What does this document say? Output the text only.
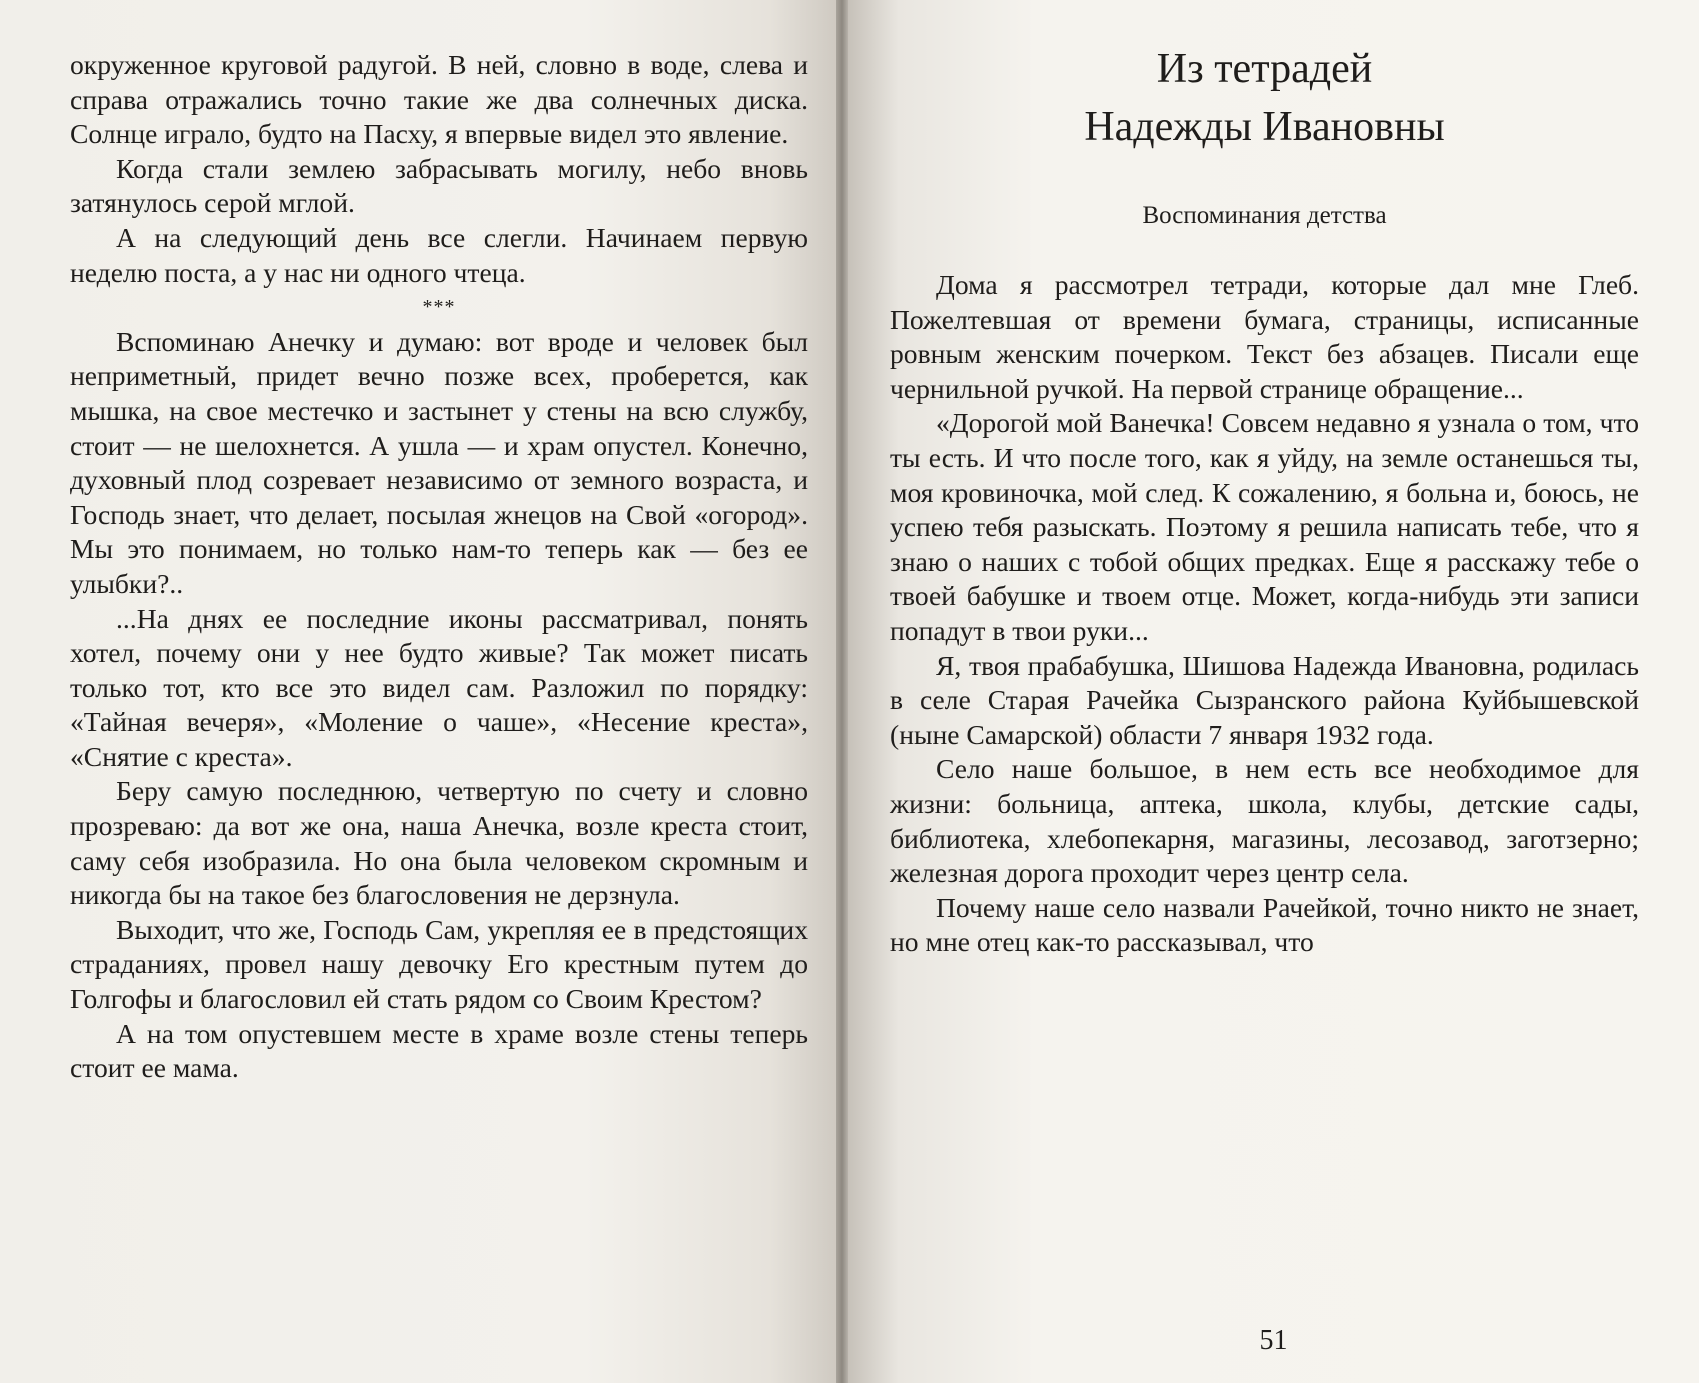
окруженное круговой радугой. В ней, словно в воде, слева и справа отражались точно такие же два солнечных диска. Солнце играло, будто на Пасху, я впервые видел это явление.

Когда стали землею забрасывать могилу, небо вновь затянулось серой мглой.

А на следующий день все слегли. Начинаем первую неделю поста, а у нас ни одного чтеца.

***

Вспоминаю Анечку и думаю: вот вроде и человек был неприметный, придет вечно позже всех, проберется, как мышка, на свое местечко и застынет у стены на всю службу, стоит — не шелохнется. А ушла — и храм опустел. Конечно, духовный плод созревает независимо от земного возраста, и Господь знает, что делает, посылая жнецов на Свой «огород». Мы это понимаем, но только нам-то теперь как — без ее улыбки?..

...На днях ее последние иконы рассматривал, понять хотел, почему они у нее будто живые? Так может писать только тот, кто все это видел сам. Разложил по порядку: «Тайная вечеря», «Моление о чаше», «Несение креста», «Снятие с креста».

Беру самую последнюю, четвертую по счету и словно прозреваю: да вот же она, наша Анечка, возле креста стоит, саму себя изобразила. Но она была человеком скромным и никогда бы на такое без благословения не дерзнула.

Выходит, что же, Господь Сам, укрепляя ее в предстоящих страданиях, провел нашу девочку Его крестным путем до Голгофы и благословил ей стать рядом со Своим Крестом?

А на том опустевшем месте в храме возле стены теперь стоит ее мама.

Из тетрадей
Надежды Ивановны
Воспоминания детства

Дома я рассмотрел тетради, которые дал мне Глеб. Пожелтевшая от времени бумага, страницы, исписанные ровным женским почерком. Текст без абзацев. Писали еще чернильной ручкой. На первой странице обращение...

«Дорогой мой Ванечка! Совсем недавно я узнала о том, что ты есть. И что после того, как я уйду, на земле останешься ты, моя кровиночка, мой след. К сожалению, я больна и, боюсь, не успею тебя разыскать. Поэтому я решила написать тебе, что я знаю о наших с тобой общих предках. Еще я расскажу тебе о твоей бабушке и твоем отце. Может, когда-нибудь эти записи попадут в твои руки...

Я, твоя прабабушка, Шишова Надежда Ивановна, родилась в селе Старая Рачейка Сызранского района Куйбышевской (ныне Самарской) области 7 января 1932 года.

Село наше большое, в нем есть все необходимое для жизни: больница, аптека, школа, клубы, детские сады, библиотека, хлебопекарня, магазины, лесозавод, заготзерно; железная дорога проходит через центр села.

Почему наше село назвали Рачейкой, точно никто не знает, но мне отец как-то рассказывал, что

51
